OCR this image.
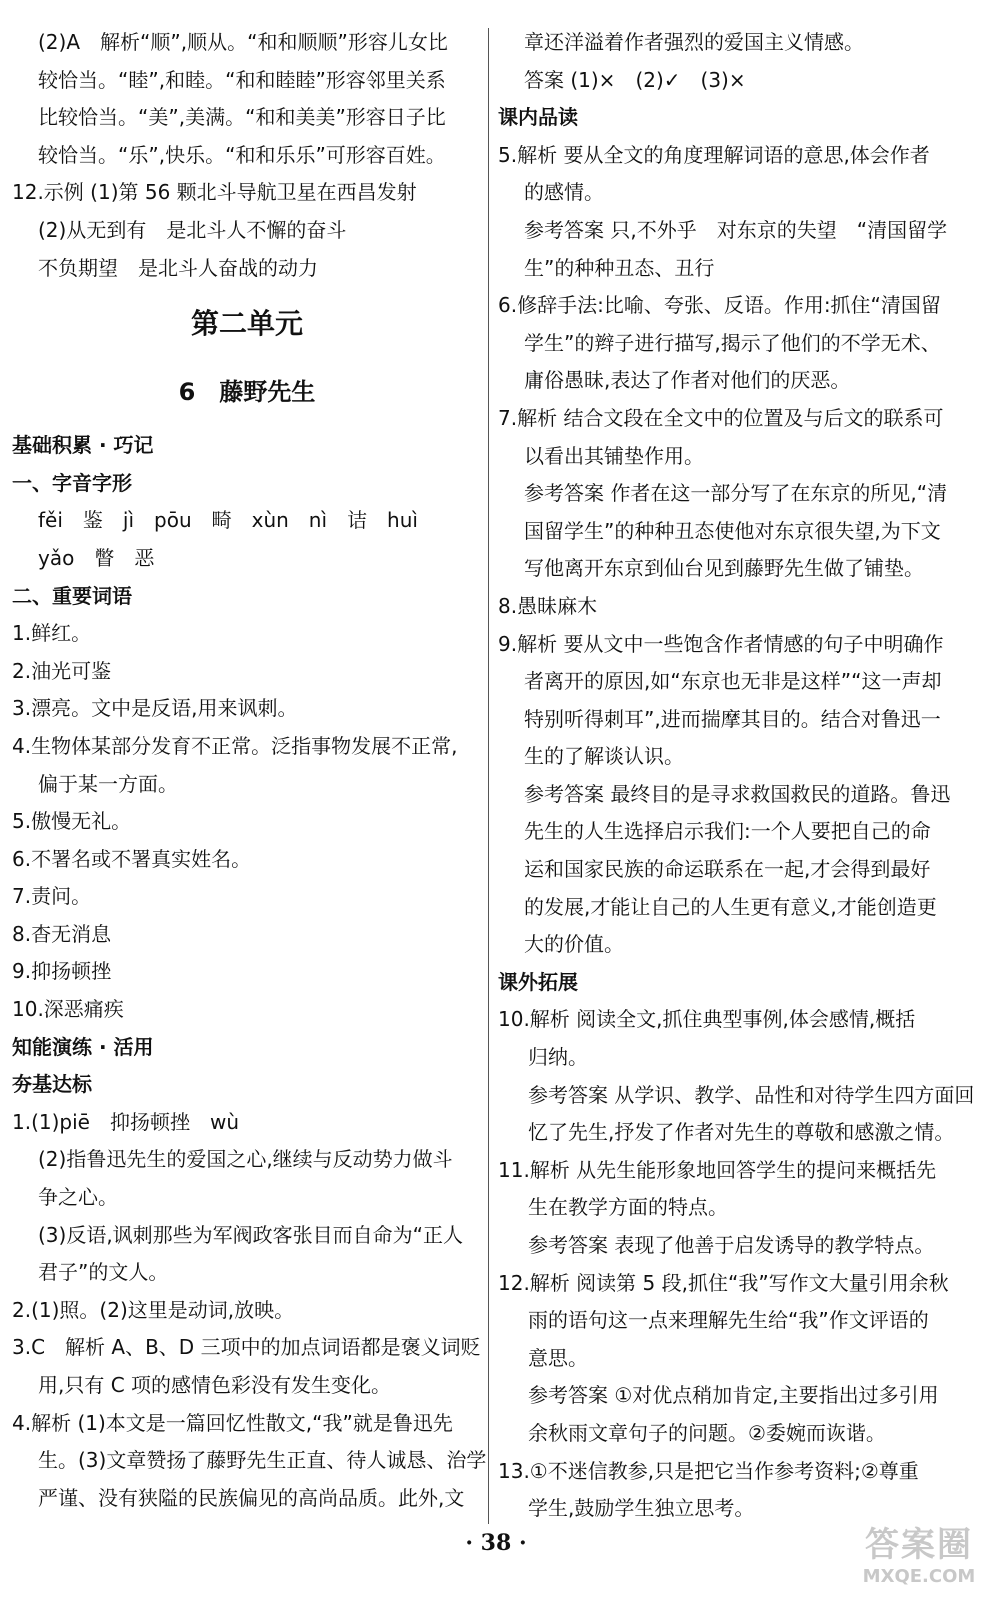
(2)A　解析“顺”,顺从。“和和顺顺”形容儿女比
较恰当。“睦”,和睦。“和和睦睦”形容邻里关系
比较恰当。“美”,美满。“和和美美”形容日子比
较恰当。“乐”,快乐。“和和乐乐”可形容百姓。
12.示例 (1)第 56 颗北斗导航卫星在西昌发射
(2)从无到有　是北斗人不懈的奋斗
不负期望　是北斗人奋战的动力
第二单元
6　藤野先生
基础积累 · 巧记
一、字音字形
fěi　鉴　jì　pōu　畸　xùn　nì　诘　huì
yǎo　瞥　恶
二、重要词语
1.鲜红。
2.油光可鉴
3.漂亮。文中是反语,用来讽刺。
4.生物体某部分发育不正常。泛指事物发展不正常,
偏于某一方面。
5.傲慢无礼。
6.不署名或不署真实姓名。
7.责问。
8.杳无消息
9.抑扬顿挫
10.深恶痛疾
知能演练 · 活用
夯基达标
1.(1)piē　抑扬顿挫　wù
(2)指鲁迅先生的爱国之心,继续与反动势力做斗
争之心。
(3)反语,讽刺那些为军阀政客张目而自命为“正人
君子”的文人。
2.(1)照。(2)这里是动词,放映。
3.C　解析 A、B、D 三项中的加点词语都是褒义词贬
用,只有 C 项的感情色彩没有发生变化。
4.解析 (1)本文是一篇回忆性散文,“我”就是鲁迅先
生。(3)文章赞扬了藤野先生正直、待人诚恳、治学
严谨、没有狭隘的民族偏见的高尚品质。此外,文
章还洋溢着作者强烈的爱国主义情感。
答案 (1)×　(2)✓　(3)×
课内品读
5.解析 要从全文的角度理解词语的意思,体会作者
的感情。
参考答案 只,不外乎　对东京的失望　“清国留学
生”的种种丑态、丑行
6.修辞手法:比喻、夸张、反语。作用:抓住“清国留
学生”的辫子进行描写,揭示了他们的不学无术、
庸俗愚昧,表达了作者对他们的厌恶。
7.解析 结合文段在全文中的位置及与后文的联系可
以看出其铺垫作用。
参考答案 作者在这一部分写了在东京的所见,“清
国留学生”的种种丑态使他对东京很失望,为下文
写他离开东京到仙台见到藤野先生做了铺垫。
8.愚昧麻木
9.解析 要从文中一些饱含作者情感的句子中明确作
者离开的原因,如“东京也无非是这样”“这一声却
特别听得刺耳”,进而揣摩其目的。结合对鲁迅一
生的了解谈认识。
参考答案 最终目的是寻求救国救民的道路。鲁迅
先生的人生选择启示我们:一个人要把自己的命
运和国家民族的命运联系在一起,才会得到最好
的发展,才能让自己的人生更有意义,才能创造更
大的价值。
课外拓展
10.解析 阅读全文,抓住典型事例,体会感情,概括
归纳。
参考答案 从学识、教学、品性和对待学生四方面回
忆了先生,抒发了作者对先生的尊敬和感激之情。
11.解析 从先生能形象地回答学生的提问来概括先
生在教学方面的特点。
参考答案 表现了他善于启发诱导的教学特点。
12.解析 阅读第 5 段,抓住“我”写作文大量引用余秋
雨的语句这一点来理解先生给“我”作文评语的
意思。
参考答案 ①对优点稍加肯定,主要指出过多引用
余秋雨文章句子的问题。②委婉而诙谐。
13.①不迷信教参,只是把它当作参考资料;②尊重
学生,鼓励学生独立思考。
· 38 ·	答案圈
MXQE.COM
